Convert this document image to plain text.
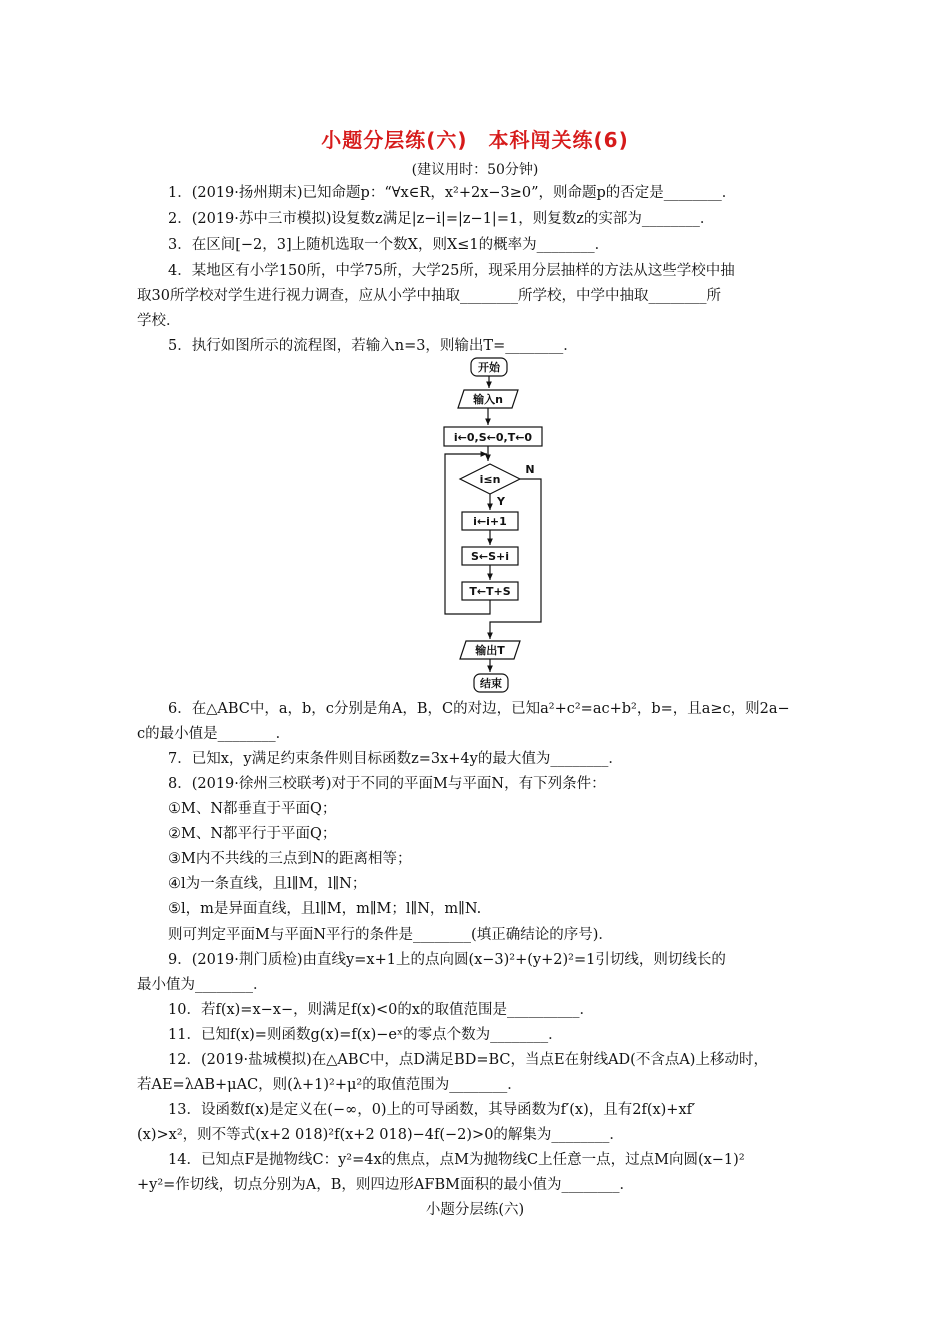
小题分层练(六)　本科闯关练(6)
(建议用时：50分钟)
1．(2019·扬州期末)已知命题p：“∀x∈R，x²+2x−3≥0”，则命题p的否定是________．
2．(2019·苏中三市模拟)设复数z满足|z−i|=|z−1|=1，则复数z的实部为________．
3．在区间[−2，3]上随机选取一个数X，则X≤1的概率为________．
4．某地区有小学150所，中学75所，大学25所，现采用分层抽样的方法从这些学校中抽
取30所学校对学生进行视力调查，应从小学中抽取________所学校，中学中抽取________所
学校．
5．执行如图所示的流程图，若输入n=3，则输出T=________．
开始
输入n
i←0,S←0,T←0
i≤n
N
Y
i←i+1
S←S+i
T←T+S
输出T
结束
6．在△ABC中，a，b，c分别是角A，B，C的对边，已知a²+c²=ac+b²，b=，且a≥c，则2a−
c的最小值是________．
7．已知x，y满足约束条件则目标函数z=3x+4y的最大值为________．
8．(2019·徐州三校联考)对于不同的平面M与平面N，有下列条件：
①M、N都垂直于平面Q；
②M、N都平行于平面Q；
③M内不共线的三点到N的距离相等；
④l为一条直线，且l∥M，l∥N；
⑤l，m是异面直线，且l∥M，m∥M；l∥N，m∥N.
则可判定平面M与平面N平行的条件是________(填正确结论的序号)．
9．(2019·荆门质检)由直线y=x+1上的点向圆(x−3)²+(y+2)²=1引切线，则切线长的
最小值为________．
10．若f(x)=x−x−，则满足f(x)<0的x的取值范围是__________．
11．已知f(x)=则函数g(x)=f(x)−eˣ的零点个数为________．
12．(2019·盐城模拟)在△ABC中，点D满足BD=BC，当点E在射线AD(不含点A)上移动时，
若AE=λAB+μAC，则(λ+1)²+μ²的取值范围为________．
13．设函数f(x)是定义在(−∞，0)上的可导函数，其导函数为f′(x)，且有2f(x)+xf′
(x)>x²，则不等式(x+2 018)²f(x+2 018)−4f(−2)>0的解集为________．
14．已知点F是抛物线C：y²=4x的焦点，点M为抛物线C上任意一点，过点M向圆(x−1)²
+y²=作切线，切点分别为A，B，则四边形AFBM面积的最小值为________．
小题分层练(六)
